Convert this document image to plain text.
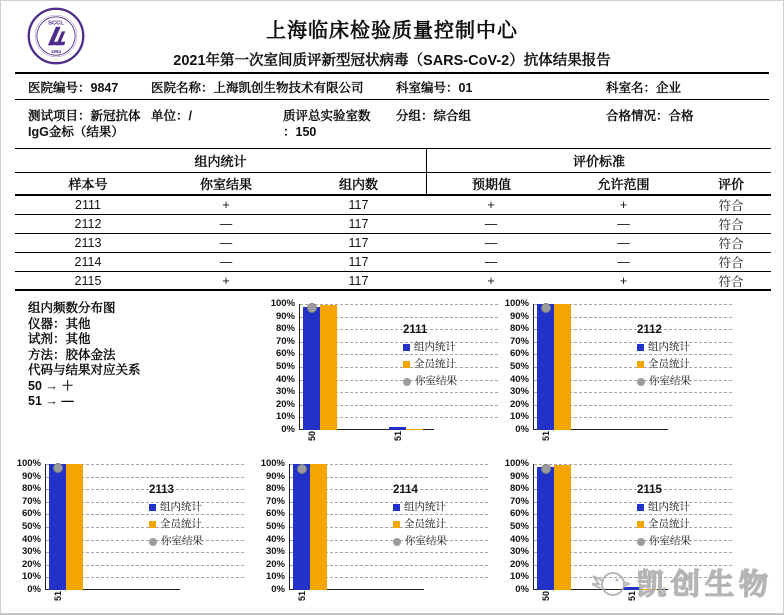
SCCL
1984
上海临床检验质量控制中心
2021年第一次室间质评新型冠状病毒（SARS-CoV-2）抗体结果报告
医院编号：9847	医院名称：上海凯创生物技术有限公司	科室编号：01	科室名：企业
测试项目：新冠抗体
IgG金标（结果）
单位：/	质评总实验室数
：150
分组：综合组	合格情况：合格
组内统计	评价标准
样本号	你室结果	组内数	预期值	允许范围	评价
2111	+	117	+	+	符合
2112	—	117	—	—	符合
2113	—	117	—	—	符合
2114	—	117	—	—	符合
2115	+	117	+	+	符合
组内频数分布图
仪器：其他
试剂：其他
方法：胶体金法
代码与结果对应关系
50 → ＋
51 → —
0%
10%
20%
30%
40%
50%
60%
70%
80%
90%
100%
50	51
2111
组内统计
全员统计
你室结果
0%
10%
20%
30%
40%
50%
60%
70%
80%
90%
100%
51
2112
组内统计
全员统计
你室结果
0%
10%
20%
30%
40%
50%
60%
70%
80%
90%
100%
51
2113
组内统计
全员统计
你室结果
0%
10%
20%
30%
40%
50%
60%
70%
80%
90%
100%
51
2114
组内统计
全员统计
你室结果
0%
10%
20%
30%
40%
50%
60%
70%
80%
90%
100%
50	51
2115
组内统计
全员统计
你室结果
凯创生物
